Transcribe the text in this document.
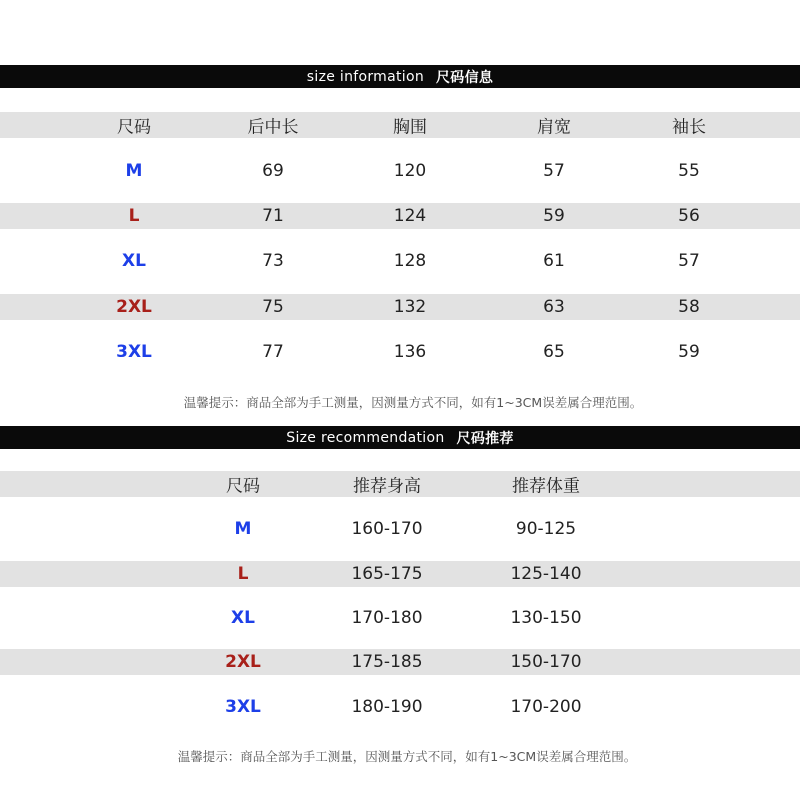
size information 尺码信息
尺码	后中长	胸围	肩宽	袖长
M	69	120	57	55
L	71	124	59	56
XL	73	128	61	57
2XL	75	132	63	58
3XL	77	136	65	59
温馨提示：商品全部为手工测量，因测量方式不同，如有1~3CM误差属合理范围。
Size recommendation 尺码推荐
尺码	推荐身高	推荐体重
M	160-170	90-125
L	165-175	125-140
XL	170-180	130-150
2XL	175-185	150-170
3XL	180-190	170-200
温馨提示：商品全部为手工测量，因测量方式不同，如有1~3CM误差属合理范围。
